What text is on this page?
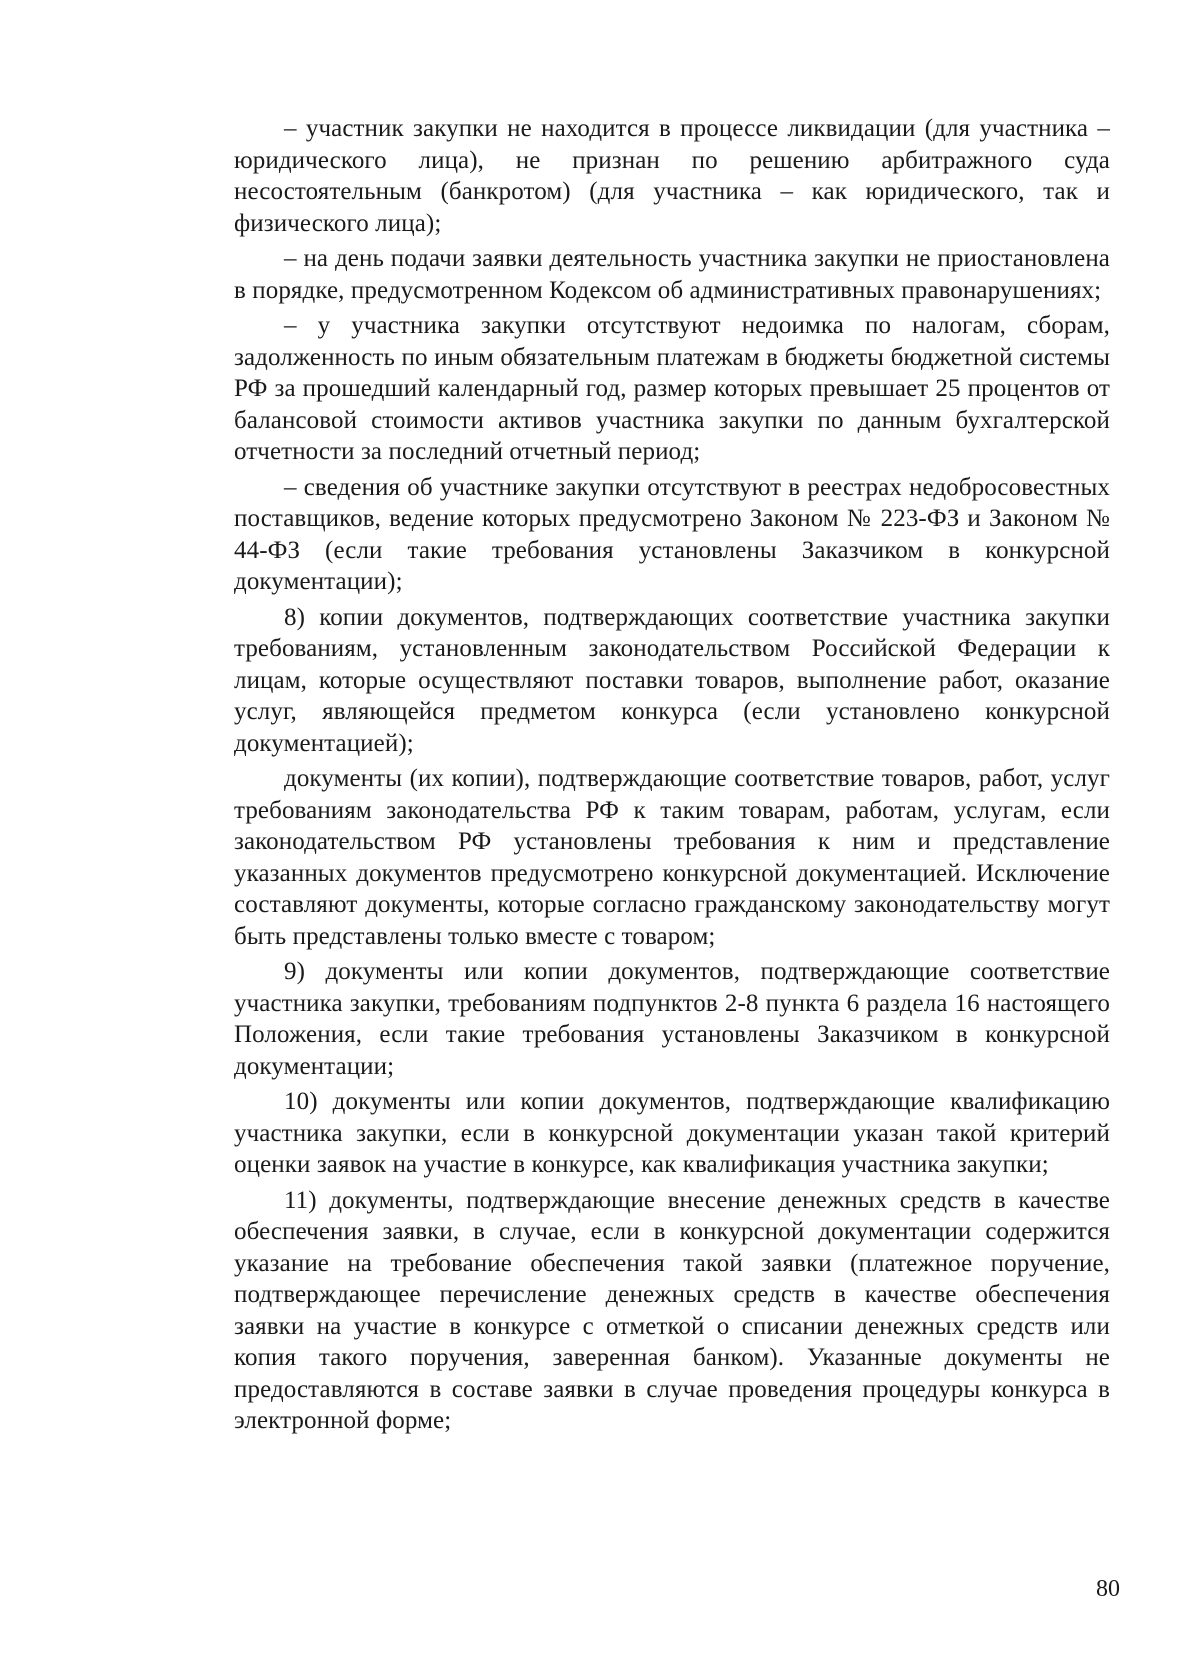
– участник закупки не находится в процессе ликвидации (для участника – юридического лица), не признан по решению арбитражного суда несостоятельным (банкротом) (для участника – как юридического, так и физического лица);

– на день подачи заявки деятельность участника закупки не приостановлена в порядке, предусмотренном Кодексом об административных правонарушениях;

– у участника закупки отсутствуют недоимка по налогам, сборам, задолженность по иным обязательным платежам в бюджеты бюджетной системы РФ за прошедший календарный год, размер которых превышает 25 процентов от балансовой стоимости активов участника закупки по данным бухгалтерской отчетности за последний отчетный период;

– сведения об участнике закупки отсутствуют в реестрах недобросовестных поставщиков, ведение которых предусмотрено Законом № 223-ФЗ и Законом № 44-ФЗ (если такие требования установлены Заказчиком в конкурсной документации);

8) копии документов, подтверждающих соответствие участника закупки требованиям, установленным законодательством Российской Федерации к лицам, которые осуществляют поставки товаров, выполнение работ, оказание услуг, являющейся предметом конкурса (если установлено конкурсной документацией);

документы (их копии), подтверждающие соответствие товаров, работ, услуг требованиям законодательства РФ к таким товарам, работам, услугам, если законодательством РФ установлены требования к ним и представление указанных документов предусмотрено конкурсной документацией. Исключение составляют документы, которые согласно гражданскому законодательству могут быть представлены только вместе с товаром;

9) документы или копии документов, подтверждающие соответствие участника закупки, требованиям подпунктов 2-8 пункта 6 раздела 16 настоящего Положения, если такие требования установлены Заказчиком в конкурсной документации;

10) документы или копии документов, подтверждающие квалификацию участника закупки, если в конкурсной документации указан такой критерий оценки заявок на участие в конкурсе, как квалификация участника закупки;

11) документы, подтверждающие внесение денежных средств в качестве обеспечения заявки, в случае, если в конкурсной документации содержится указание на требование обеспечения такой заявки (платежное поручение, подтверждающее перечисление денежных средств в качестве обеспечения заявки на участие в конкурсе с отметкой о списании денежных средств или копия такого поручения, заверенная банком). Указанные документы не предоставляются в составе заявки в случае проведения процедуры конкурса в электронной форме;

80
